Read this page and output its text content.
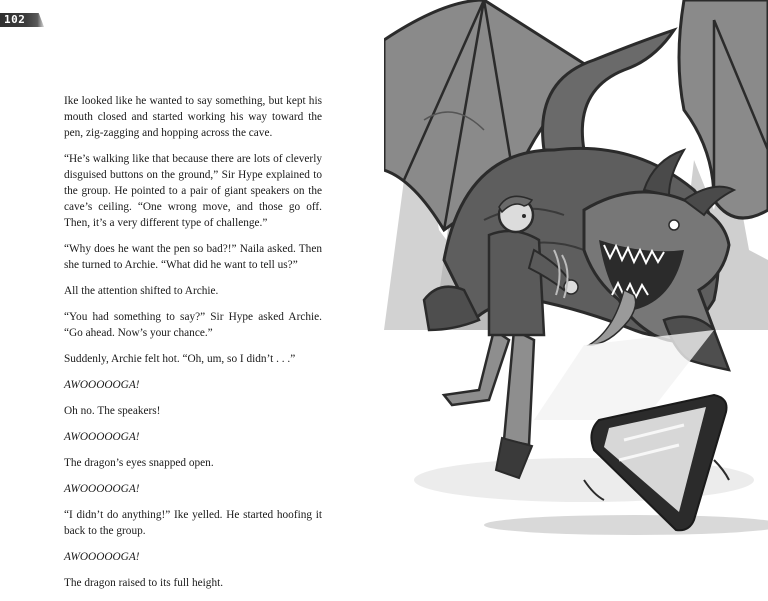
102

Ike looked like he wanted to say something, but kept his mouth closed and started working his way toward the pen, zig-zagging and hopping across the cave.

“He’s walking like that because there are lots of cleverly disguised buttons on the ground,” Sir Hype explained to the group. He pointed to a pair of giant speakers on the cave’s ceiling. “One wrong move, and those go off. Then, it’s a very different type of challenge.”

“Why does he want the pen so bad?!” Naila asked. Then she turned to Archie. “What did he want to tell us?”

All the attention shifted to Archie.

“You had something to say?” Sir Hype asked Archie. “Go ahead. Now’s your chance.”

Suddenly, Archie felt hot. “Oh, um, so I didn’t . . .”

AWOOOOOGA!

Oh no. The speakers!

AWOOOOOGA!

The dragon’s eyes snapped open.

AWOOOOOGA!

“I didn’t do anything!” Ike yelled. He started hoofing it back to the group.

AWOOOOOGA!

The dragon raised to its full height.
